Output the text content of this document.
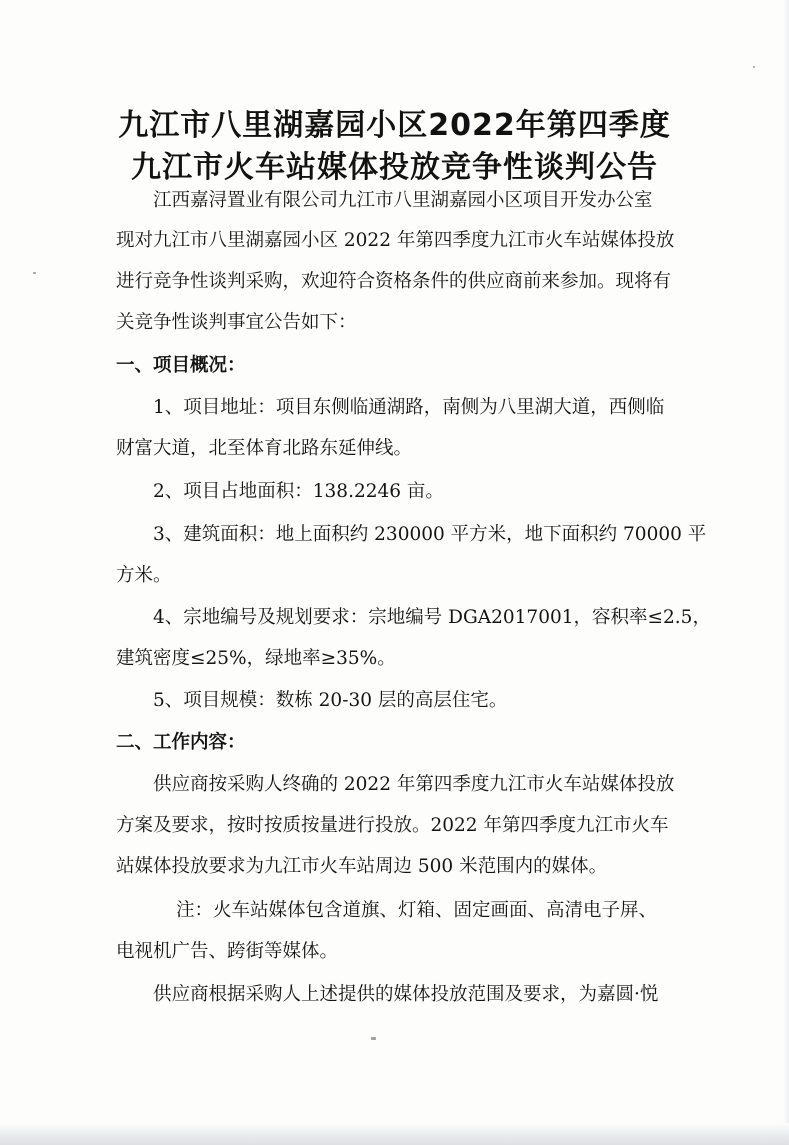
九江市八里湖嘉园小区2022年第四季度
九江市火车站媒体投放竞争性谈判公告
江西嘉浔置业有限公司九江市八里湖嘉园小区项目开发办公室
现对九江市八里湖嘉园小区 2022 年第四季度九江市火车站媒体投放
进行竞争性谈判采购，欢迎符合资格条件的供应商前来参加。现将有
关竞争性谈判事宜公告如下：
一、项目概况：
1、项目地址：项目东侧临通湖路，南侧为八里湖大道，西侧临
财富大道，北至体育北路东延伸线。
2、项目占地面积：138.2246 亩。
3、建筑面积：地上面积约 230000 平方米，地下面积约 70000 平
方米。
4、宗地编号及规划要求：宗地编号 DGA2017001，容积率≤2.5，
建筑密度≤25%，绿地率≥35%。
5、项目规模：数栋 20-30 层的高层住宅。
二、工作内容：
供应商按采购人终确的 2022 年第四季度九江市火车站媒体投放
方案及要求，按时按质按量进行投放。2022 年第四季度九江市火车
站媒体投放要求为九江市火车站周边 500 米范围内的媒体。
注：火车站媒体包含道旗、灯箱、固定画面、高清电子屏、
电视机广告、跨街等媒体。
供应商根据采购人上述提供的媒体投放范围及要求，为嘉圆·悦
